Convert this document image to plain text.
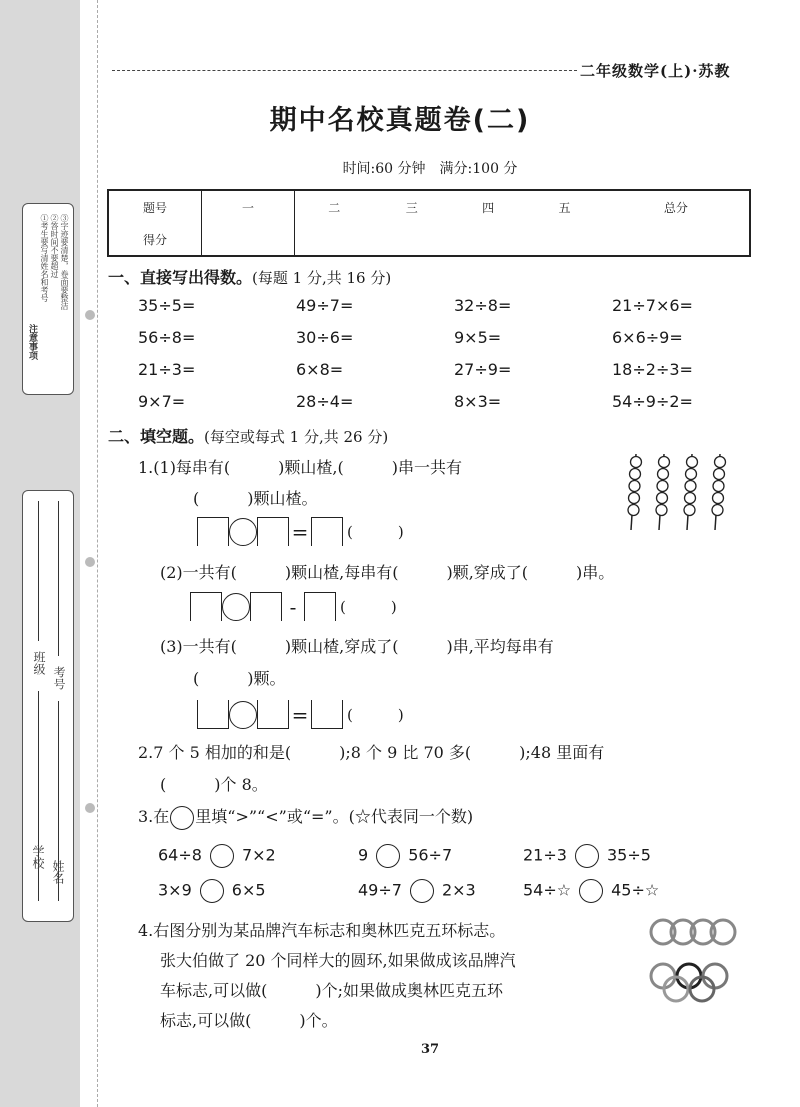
注意事项
①考生要写清姓名和考号 ②答时间不要超过 ③字迹要清楚，卷面要整洁
班级
考号
学校
姓名
二年级数学(上)·苏教
期中名校真题卷(二)
时间:60 分钟　满分:100 分
题号	一	二	三	四	五	总分
得分						
一、直接写出得数。(每题 1 分,共 16 分)
35÷5=	49÷7=	32÷8=	21÷7×6=
56÷8=	30÷6=	9×5=	6×6÷9=
21÷3=	6×8=	27÷9=	18÷2÷3=
9×7=	28÷4=	8×3=	54÷9÷2=
二、填空题。(每空或每式 1 分,共 26 分)
1.(1)每串有(　　　)颗山楂,(　　　)串一共有
(　　　)颗山楂。
=	(　　　)
(2)一共有(　　　)颗山楂,每串有(　　　)颗,穿成了(　　　)串。
-	(　　　)
(3)一共有(　　　)颗山楂,穿成了(　　　)串,平均每串有
(　　　)颗。
=	(　　　)
2.7 个 5 相加的和是(　　　);8 个 9 比 70 多(　　　);48 里面有
(　　　)个 8。
3.在 里填“>”“<”或“=”。(☆代表同一个数)
64÷8	7×2	9	56÷7	21÷3	35÷5
3×9	6×5	49÷7	2×3	54÷☆	45÷☆
4.右图分别为某品牌汽车标志和奥林匹克五环标志。
张大伯做了 20 个同样大的圆环,如果做成该品牌汽
车标志,可以做(　　　)个;如果做成奥林匹克五环
标志,可以做(　　　)个。
37
